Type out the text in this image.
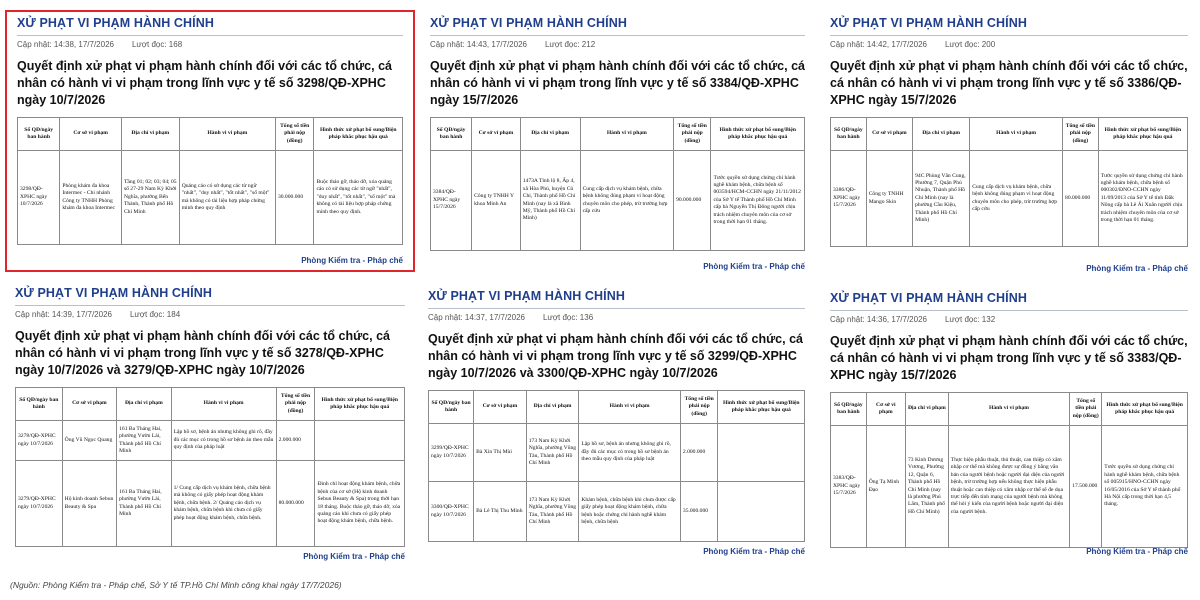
XỬ PHẠT VI PHẠM HÀNH CHÍNH
Cập nhật: 14:38, 17/7/2026 Lượt đọc: 168
Quyết định xử phạt vi phạm hành chính đối với các tổ chức, cá nhân có hành vi vi phạm trong lĩnh vực y tế số 3298/QĐ-XPHC ngày 10/7/2026
Số QĐ/ngày ban hành	Cơ sở vi phạm	Địa chỉ vi phạm	Hành vi vi phạm	Tổng số tiền phải nộp (đồng)	Hình thức xử phạt bổ sung/Biện pháp khắc phục hậu quả
3298/QĐ-XPHC ngày 10/7/2026	Phòng khám đa khoa Intermec - Chi nhánh Công ty TNHH Phòng khám đa khoa Intermec	Tầng 01; 02; 03; 04; 05 số 27-29 Nam Kỳ Khởi Nghĩa, phường Bến Thành, Thành phố Hồ Chí Minh	Quảng cáo có sử dụng các từ ngữ "nhất", "duy nhất", "tốt nhất", "số một" mà không có tài liệu hợp pháp chứng minh theo quy định	30.000.000	Buộc tháo gỡ, tháo dỡ, xóa quảng cáo có sử dụng các từ ngữ "nhất", "duy nhất", "tốt nhất", "số một" mà không có tài liệu hợp pháp chứng minh theo quy định.
Phòng Kiểm tra - Pháp chế
XỬ PHẠT VI PHẠM HÀNH CHÍNH
Cập nhật: 14:43, 17/7/2026 Lượt đọc: 212
Quyết định xử phạt vi phạm hành chính đối với các tổ chức, cá nhân có hành vi vi phạm trong lĩnh vực y tế số 3384/QĐ-XPHC ngày 15/7/2026
Số QĐ/ngày ban hành	Cơ sở vi phạm	Địa chỉ vi phạm	Hành vi vi phạm	Tổng số tiền phải nộp (đồng)	Hình thức xử phạt bổ sung/Biện pháp khắc phục hậu quả
3384/QĐ-XPHC ngày 15/7/2026	Công ty TNHH Y khoa Minh An	1473A Tỉnh lộ 8, Ấp 4, xã Hòa Phú, huyện Củ Chi, Thành phố Hồ Chí Minh (nay là xã Bình Mỹ, Thành phố Hồ Chí Minh)	Cung cấp dịch vụ khám bệnh, chữa bệnh không đúng phạm vi hoạt động chuyên môn cho phép, trừ trường hợp cấp cứu	90.000.000	Tước quyền sử dụng chứng chỉ hành nghề khám bệnh, chữa bệnh số 003594/HCM-CCHN ngày 21/11/2012 của Sở Y tế Thành phố Hồ Chí Minh cấp bà Nguyễn Thị Đông người chịu trách nhiệm chuyên môn của cơ sở trong thời hạn 01 tháng.
Phòng Kiểm tra - Pháp chế
XỬ PHẠT VI PHẠM HÀNH CHÍNH
Cập nhật: 14:42, 17/7/2026 Lượt đọc: 200
Quyết định xử phạt vi phạm hành chính đối với các tổ chức, cá nhân có hành vi vi phạm trong lĩnh vực y tế số 3386/QĐ-XPHC ngày 15/7/2026
Số QĐ/ngày ban hành	Cơ sở vi phạm	Địa chỉ vi phạm	Hành vi vi phạm	Tổng số tiền phải nộp (đồng)	Hình thức xử phạt bổ sung/Biện pháp khắc phục hậu quả
3386/QĐ-XPHC ngày 15/7/2026	Công ty TNHH Mango Skin	94C Phùng Văn Cung, Phường 7, Quận Phú Nhuận, Thành phố Hồ Chí Minh (nay là phường Cầu Kiệu, Thành phố Hồ Chí Minh)	Cung cấp dịch vụ khám bệnh, chữa bệnh không đúng phạm vi hoạt động chuyên môn cho phép, trừ trường hợp cấp cứu	80.000.000	Tước quyền sử dụng chứng chỉ hành nghề khám bệnh, chữa bệnh số 000302/ĐNO-CCHN ngày 11/09/2013 của Sở Y tế tỉnh Đắk Nông cấp bà Lê Ái Xuân người chịu trách nhiệm chuyên môn của cơ sở trong thời hạn 01 tháng.
Phòng Kiểm tra - Pháp chế
XỬ PHẠT VI PHẠM HÀNH CHÍNH
Cập nhật: 14:39, 17/7/2026 Lượt đọc: 184
Quyết định xử phạt vi phạm hành chính đối với các tổ chức, cá nhân có hành vi vi phạm trong lĩnh vực y tế số 3278/QĐ-XPHC ngày 10/7/2026 và 3279/QĐ-XPHC ngày 10/7/2026
Số QĐ/ngày ban hành	Cơ sở vi phạm	Địa chỉ vi phạm	Hành vi vi phạm	Tổng số tiền phải nộp (đồng)	Hình thức xử phạt bổ sung/Biện pháp khắc phục hậu quả
3278/QĐ-XPHC ngày 10/7/2026	Ông Vũ Ngọc Quang	161 Ba Tháng Hai, phường Vườn Lài, Thành phố Hồ Chí Minh	Lập hồ sơ, bệnh án nhưng không ghi rõ, đầy đủ các mục có trong hồ sơ bệnh án theo mẫu quy định của pháp luật	2.000.000	
3279/QĐ-XPHC ngày 10/7/2026	Hộ kinh doanh Sebun Beauty & Spa	161 Ba Tháng Hai, phường Vườn Lài, Thành phố Hồ Chí Minh	1/ Cung cấp dịch vụ khám bệnh, chữa bệnh mà không có giấy phép hoạt động khám bệnh, chữa bệnh. 2/ Quảng cáo dịch vụ khám bệnh, chữa bệnh khi chưa có giấy phép hoạt động khám bệnh, chữa bệnh.	80.000.000	Đình chỉ hoạt động khám bệnh, chữa bệnh của cơ sở (Hộ kinh doanh Sebun Beauty & Spa) trong thời hạn 18 tháng. Buộc tháo gỡ, tháo dỡ, xóa quảng cáo khi chưa có giấy phép hoạt động khám bệnh, chữa bệnh.
Phòng Kiểm tra - Pháp chế
XỬ PHẠT VI PHẠM HÀNH CHÍNH
Cập nhật: 14:37, 17/7/2026 Lượt đọc: 136
Quyết định xử phạt vi phạm hành chính đối với các tổ chức, cá nhân có hành vi vi phạm trong lĩnh vực y tế số 3299/QĐ-XPHC ngày 10/7/2026 và 3300/QĐ-XPHC ngày 10/7/2026
Số QĐ/ngày ban hành	Cơ sở vi phạm	Địa chỉ vi phạm	Hành vi vi phạm	Tổng số tiền phải nộp (đồng)	Hình thức xử phạt bổ sung/Biện pháp khắc phục hậu quả
3299/QĐ-XPHC ngày 10/7/2026	Bà Xin Thị Mùi	173 Nam Kỳ Khởi Nghĩa, phường Vũng Tàu, Thành phố Hồ Chí Minh	Lập hồ sơ, bệnh án nhưng không ghi rõ, đầy đủ các mục có trong hồ sơ bệnh án theo mẫu quy định của pháp luật	2.000.000	
3300/QĐ-XPHC ngày 10/7/2026	Bà Lê Thị Thu Minh	173 Nam Kỳ Khởi Nghĩa, phường Vũng Tàu, Thành phố Hồ Chí Minh	Khám bệnh, chữa bệnh khi chưa được cấp giấy phép hoạt động khám bệnh, chữa bệnh hoặc chứng chỉ hành nghề khám bệnh, chữa bệnh	35.000.000	
Phòng Kiểm tra - Pháp chế
XỬ PHẠT VI PHẠM HÀNH CHÍNH
Cập nhật: 14:36, 17/7/2026 Lượt đọc: 132
Quyết định xử phạt vi phạm hành chính đối với các tổ chức, cá nhân có hành vi vi phạm trong lĩnh vực y tế số 3383/QĐ-XPHC ngày 15/7/2026
Số QĐ/ngày ban hành	Cơ sở vi phạm	Địa chỉ vi phạm	Hành vi vi phạm	Tổng số tiền phải nộp (đồng)	Hình thức xử phạt bổ sung/Biện pháp khắc phục hậu quả
3383/QĐ-XPHC ngày 15/7/2026	Ông Tạ Minh Đạo	73 Kinh Dương Vương, Phường 12, Quận 6, Thành phố Hồ Chí Minh (nay là phường Phú Lâm, Thành phố Hồ Chí Minh)	Thực hiện phẫu thuật, thủ thuật, can thiệp có xâm nhập cơ thể mà không được sự đồng ý bằng văn bản của người bệnh hoặc người đại diện của người bệnh, trừ trường hợp nếu không thực hiện phẫu thuật hoặc can thiệp có xâm nhập cơ thể sẽ đe dọa trực tiếp đến tính mạng của người bệnh mà không thể hỏi ý kiến của người bệnh hoặc người đại diện của người bệnh.	17.500.000	Tước quyền sử dụng chứng chỉ hành nghề khám bệnh, chữa bệnh số 005915/HNO-CCHN ngày 16/05/2016 của Sở Y tế thành phố Hà Nội cấp trong thời hạn 4,5 tháng.
Phòng Kiểm tra - Pháp chế
(Nguồn: Phòng Kiểm tra - Pháp chế, Sở Y tế TP.Hồ Chí Minh công khai ngày 17/7/2026)
